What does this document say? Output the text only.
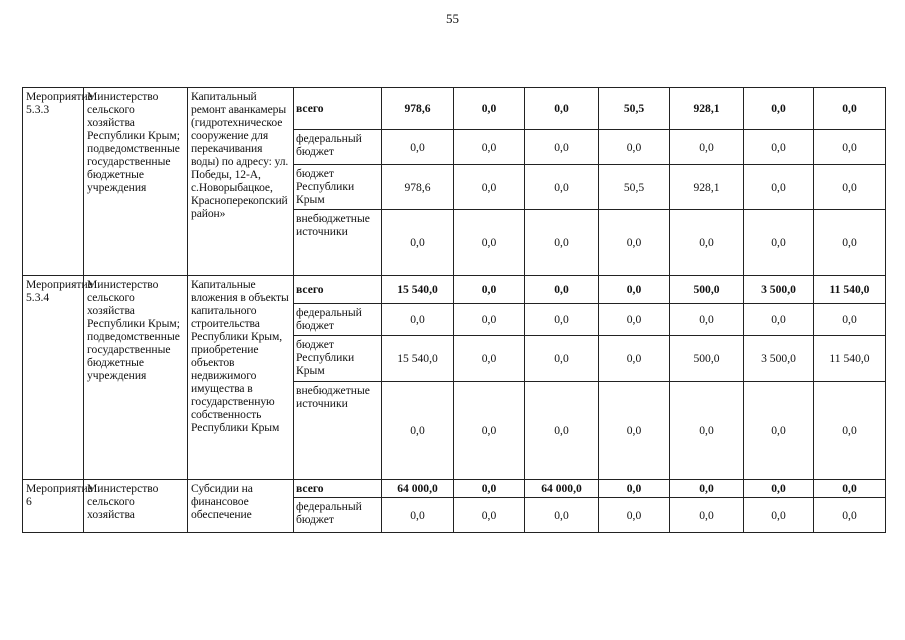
55
Мероприятие 5.3.3	Министерство сельского хозяйства Республики Крым; подведомственные государственные бюджетные учреждения	Капитальный ремонт аванкамеры (гидротехническое сооружение для перекачивания воды) по адресу: ул. Победы, 12-А, с.Новорыбацкое, Красноперекопский район»	всего	978,6	0,0	0,0	50,5	928,1	0,0	0,0
			федеральный бюджет	0,0	0,0	0,0	0,0	0,0	0,0	0,0
			бюджет Республики Крым	978,6	0,0	0,0	50,5	928,1	0,0	0,0
			внебюджетные источники	0,0	0,0	0,0	0,0	0,0	0,0	0,0
Мероприятие 5.3.4	Министерство сельского хозяйства Республики Крым; подведомственные государственные бюджетные учреждения	Капитальные вложения в объекты капитального строительства Республики Крым, приобретение объектов недвижимого имущества в государственную собственность Республики Крым	всего	15 540,0	0,0	0,0	0,0	500,0	3 500,0	11 540,0
			федеральный бюджет	0,0	0,0	0,0	0,0	0,0	0,0	0,0
			бюджет Республики Крым	15 540,0	0,0	0,0	0,0	500,0	3 500,0	11 540,0
			внебюджетные источники	0,0	0,0	0,0	0,0	0,0	0,0	0,0
Мероприятие 6	Министерство сельского хозяйства	Субсидии на финансовое обеспечение	всего	64 000,0	0,0	64 000,0	0,0	0,0	0,0	0,0
			федеральный бюджет	0,0	0,0	0,0	0,0	0,0	0,0	0,0
